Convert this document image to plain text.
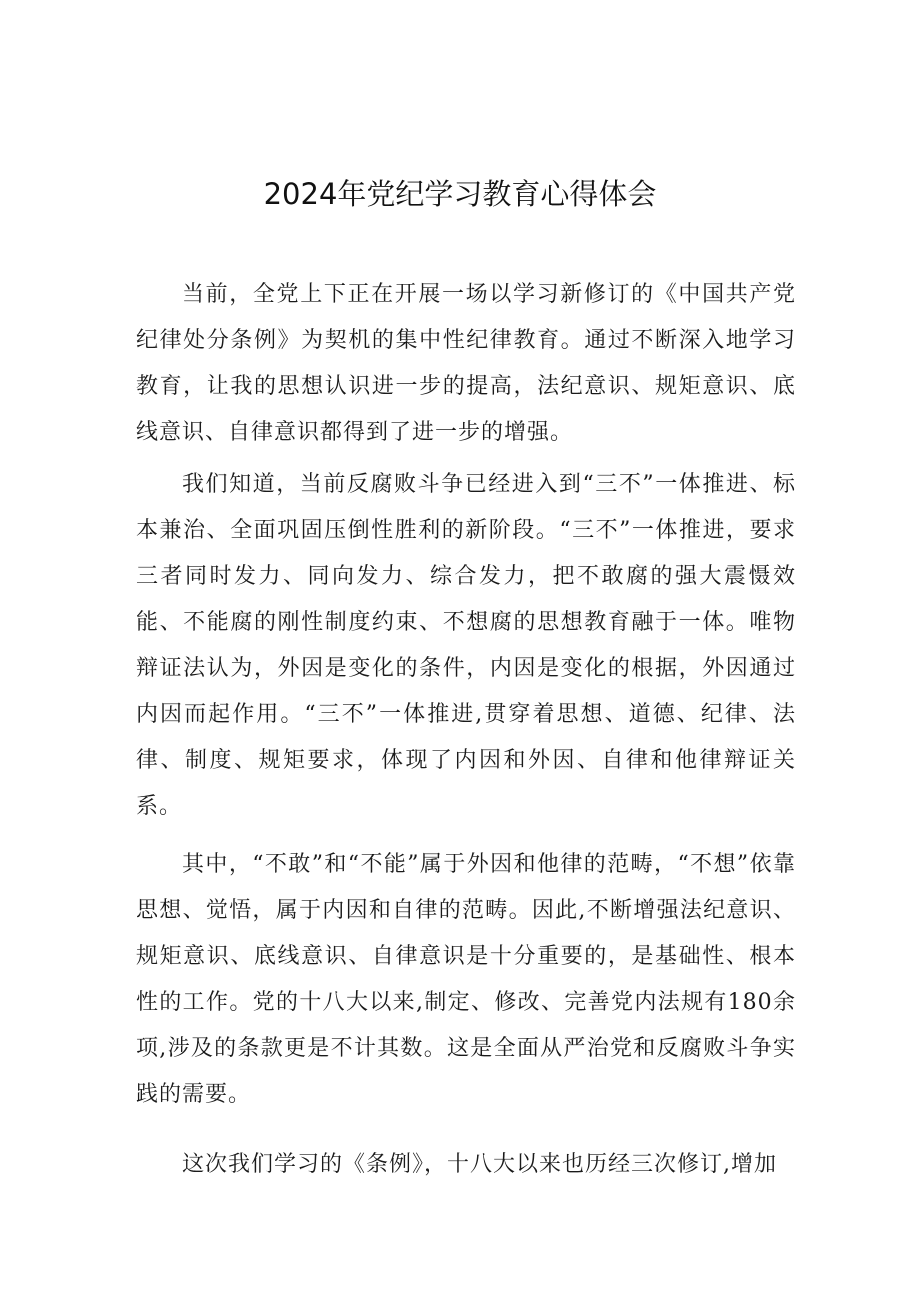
2024年党纪学习教育心得体会

当前，全党上下正在开展一场以学习新修订的《中国共产党纪律处分条例》为契机的集中性纪律教育。通过不断深入地学习教育，让我的思想认识进一步的提高，法纪意识、规矩意识、底线意识、自律意识都得到了进一步的增强。

我们知道，当前反腐败斗争已经进入到“三不”一体推进、标本兼治、全面巩固压倒性胜利的新阶段。“三不”一体推进，要求三者同时发力、同向发力、综合发力，把不敢腐的强大震慑效能、不能腐的刚性制度约束、不想腐的思想教育融于一体。唯物辩证法认为，外因是变化的条件，内因是变化的根据，外因通过内因而起作用。“三不”一体推进,贯穿着思想、道德、纪律、法律、制度、规矩要求，体现了内因和外因、自律和他律辩证关系。

其中，“不敢”和“不能”属于外因和他律的范畴，“不想”依靠思想、觉悟，属于内因和自律的范畴。因此,不断增强法纪意识、规矩意识、底线意识、自律意识是十分重要的，是基础性、根本性的工作。党的十八大以来,制定、修改、完善党内法规有180余项,涉及的条款更是不计其数。这是全面从严治党和反腐败斗争实践的需要。

这次我们学习的《条例》，十八大以来也历经三次修订,增加
